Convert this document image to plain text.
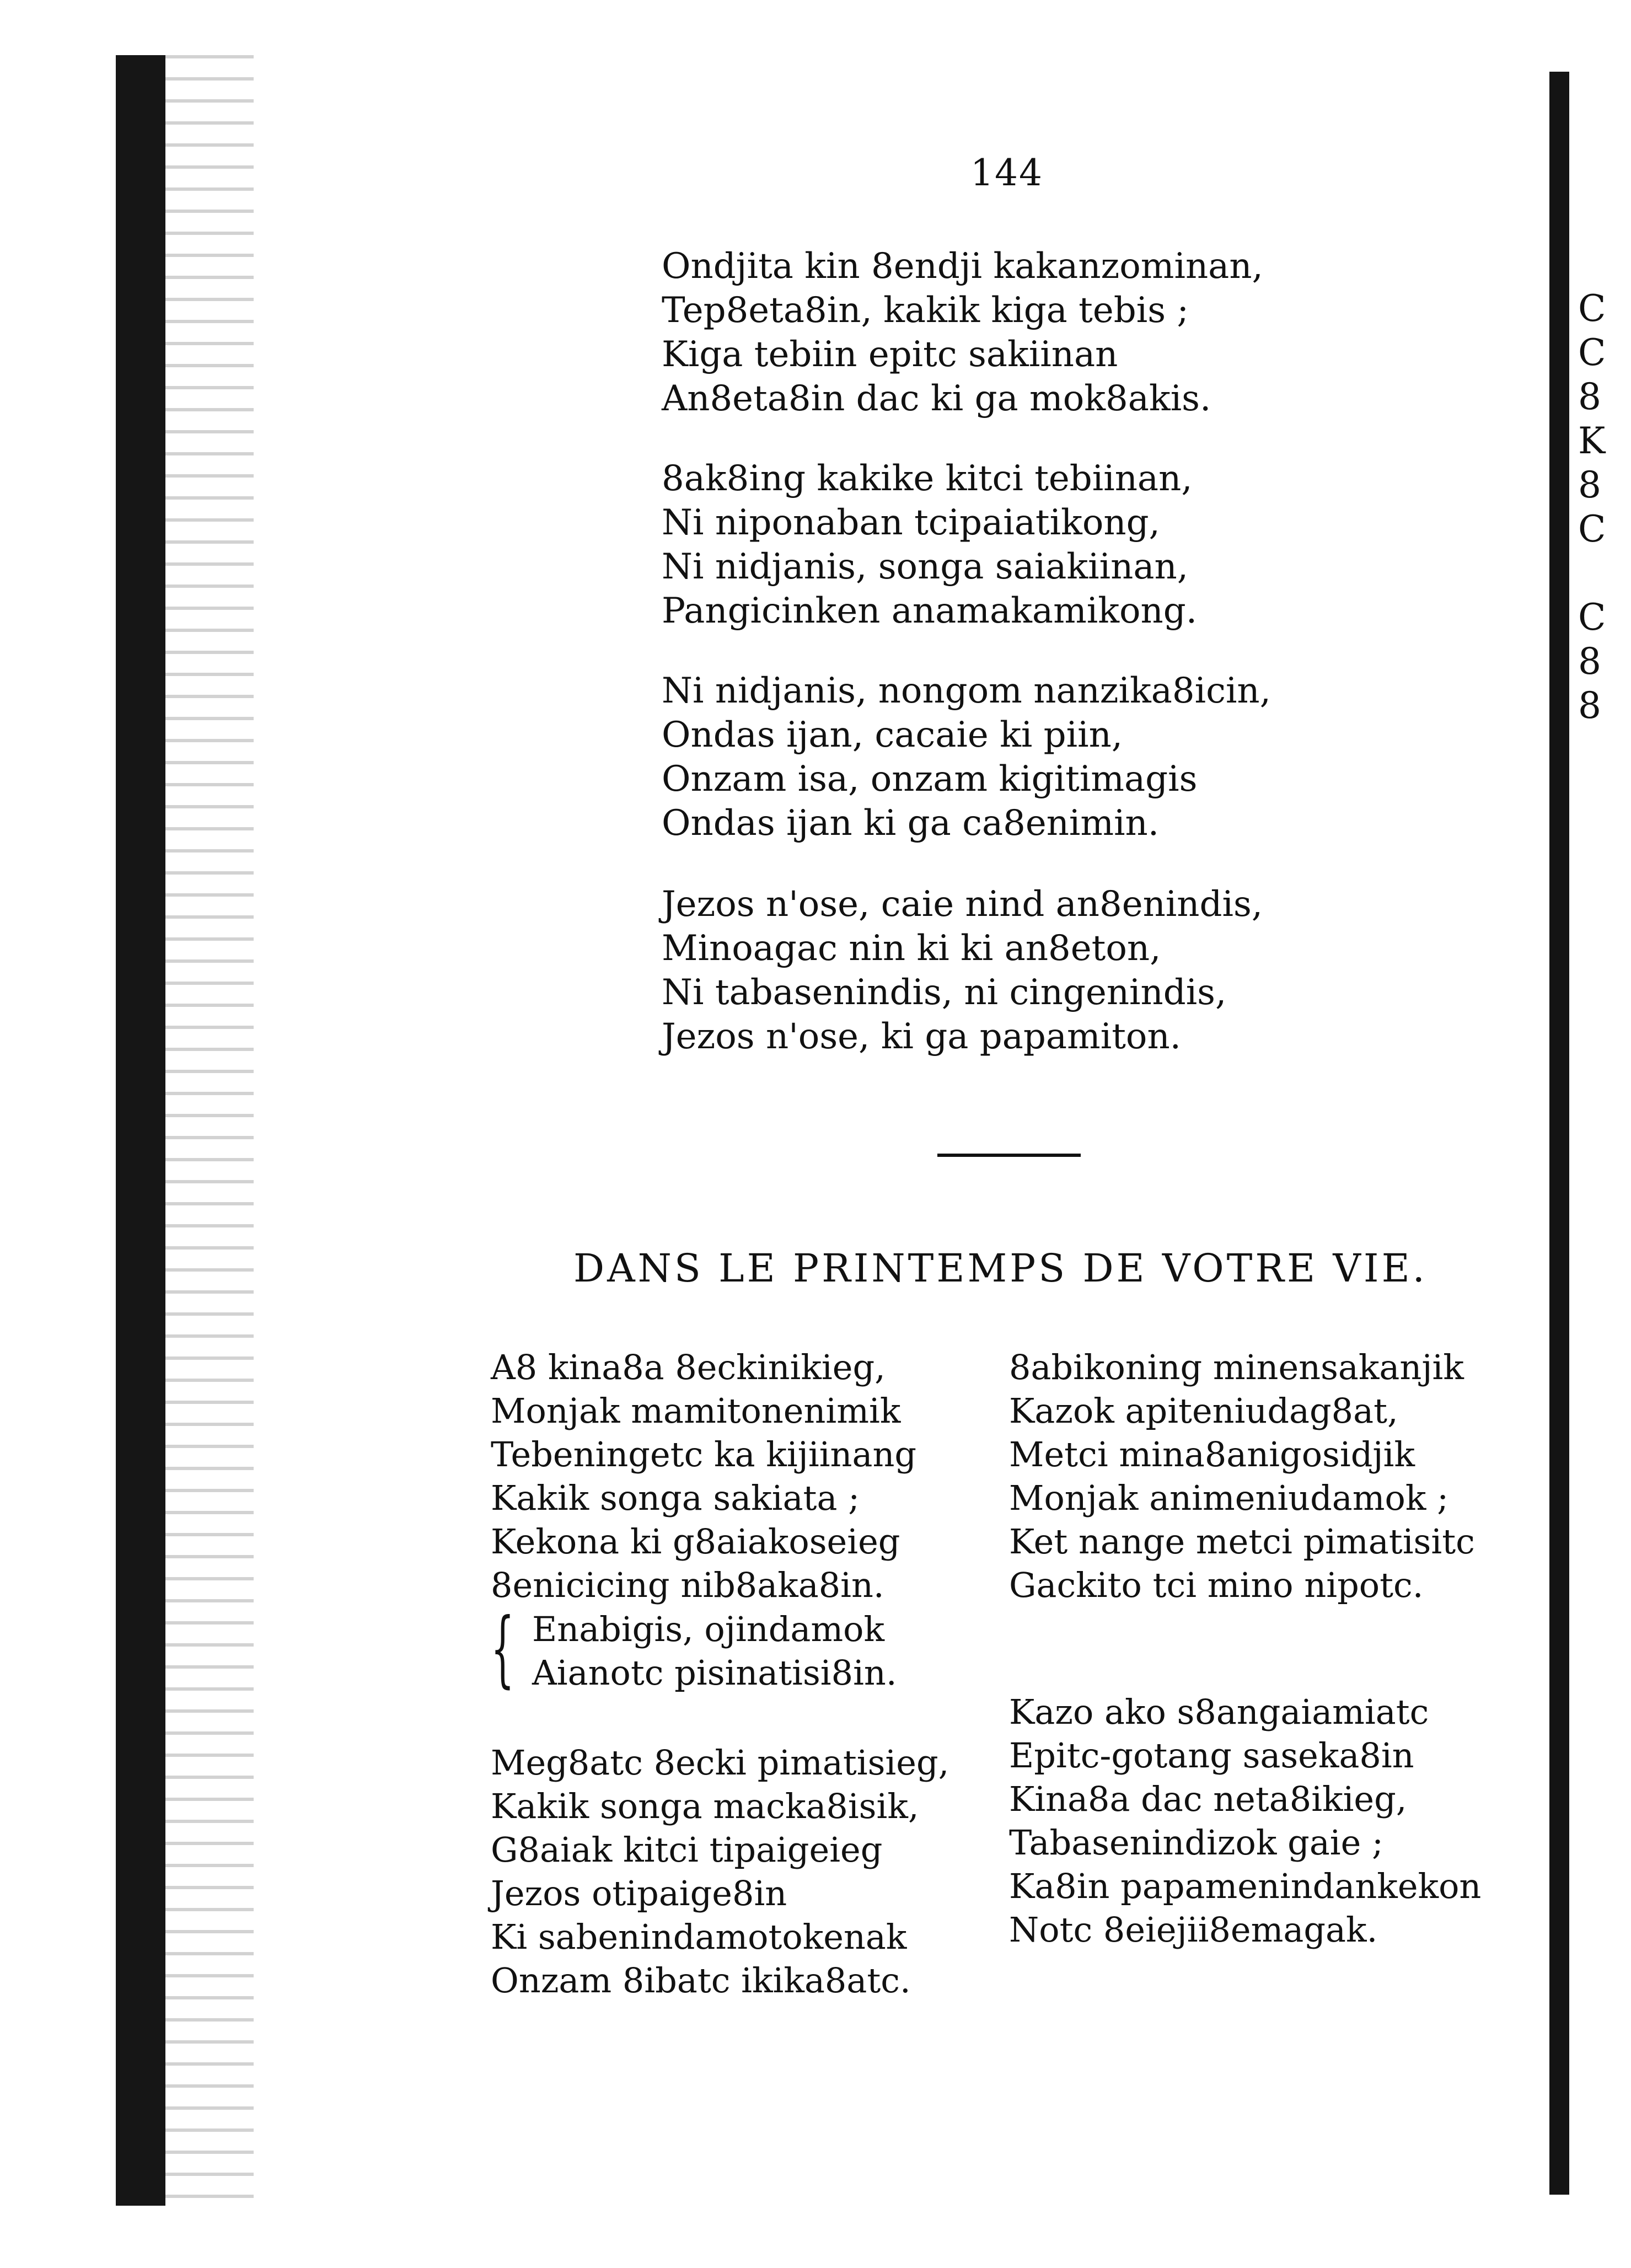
C
C
8
K
8
C
C
8
8
144
Ondjita kin 8endji kakanzominan,
Tep8eta8in, kakik kiga tebis ;
Kiga tebiin epitc sakiinan
An8eta8in dac ki ga mok8akis.
8ak8ing kakike kitci tebiinan,
Ni niponaban tcipaiatikong,
Ni nidjanis, songa saiakiinan,
Pangicinken anamakamikong.
Ni nidjanis, nongom nanzika8icin,
Ondas ijan, cacaie ki piin,
Onzam isa, onzam kigitimagis
Ondas ijan ki ga ca8enimin.
Jezos n'ose, caie nind an8enindis,
Minoagac nin ki ki an8eton,
Ni tabasenindis, ni cingenindis,
Jezos n'ose, ki ga papamiton.
DANS LE PRINTEMPS DE VOTRE VIE.
A8 kina8a 8eckinikieg,
Monjak mamitonenimik
Tebeningetc ka kijiinang
Kakik songa sakiata ;
Kekona ki g8aiakoseieg
8enicicing nib8aka8in.
{ Enabigis, ojindamok
Aianotc pisinatisi8in.
Meg8atc 8ecki pimatisieg,
Kakik songa macka8isik,
G8aiak kitci tipaigeieg
Jezos otipaige8in
Ki sabenindamotokenak
Onzam 8ibatc ikika8atc.
8abikoning minensakanjik
Kazok apiteniudag8at,
Metci mina8anigosidjik
Monjak animeniudamok ;
Ket nange metci pimatisitc
Gackito tci mino nipotc.
Kazo ako s8angaiamiatc
Epitc-gotang saseka8in
Kina8a dac neta8ikieg,
Tabasenindizok gaie ;
Ka8in papamenindankekon
Notc 8eiejii8emagak.
